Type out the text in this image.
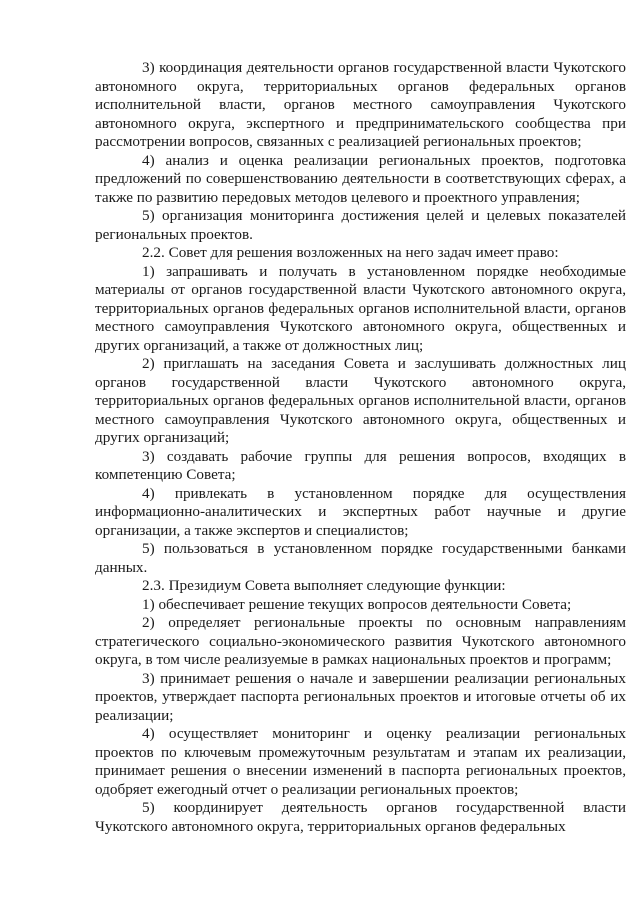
3) координация деятельности органов государственной власти Чукотского автономного округа, территориальных органов федеральных органов исполнительной власти, органов местного самоуправления Чукотского автономного округа, экспертного и предпринимательского сообщества при рассмотрении вопросов, связанных с реализацией региональных проектов;

4) анализ и оценка реализации региональных проектов, подготовка предложений по совершенствованию деятельности в соответствующих сферах, а также по развитию передовых методов целевого и проектного управления;

5) организация мониторинга достижения целей и целевых показателей региональных проектов.

2.2. Совет для решения возложенных на него задач имеет право:

1) запрашивать и получать в установленном порядке необходимые материалы от органов государственной власти Чукотского автономного округа, территориальных органов федеральных органов исполнительной власти, органов местного самоуправления Чукотского автономного округа, общественных и других организаций, а также от должностных лиц;

2) приглашать на заседания Совета и заслушивать должностных лиц органов государственной власти Чукотского автономного округа, территориальных органов федеральных органов исполнительной власти, органов местного самоуправления Чукотского автономного округа, общественных и других организаций;

3) создавать рабочие группы для решения вопросов, входящих в компетенцию Совета;

4) привлекать в установленном порядке для осуществления информационно-аналитических и экспертных работ научные и другие организации, а также экспертов и специалистов;

5) пользоваться в установленном порядке государственными банками данных.

2.3. Президиум Совета выполняет следующие функции:

1) обеспечивает решение текущих вопросов деятельности Совета;

2) определяет региональные проекты по основным направлениям стратегического социально-экономического развития Чукотского автономного округа, в том числе реализуемые в рамках национальных проектов и программ;

3) принимает решения о начале и завершении реализации региональных проектов, утверждает паспорта региональных проектов и итоговые отчеты об их реализации;

4) осуществляет мониторинг и оценку реализации региональных проектов по ключевым промежуточным результатам и этапам их реализации, принимает решения о внесении изменений в паспорта региональных проектов, одобряет ежегодный отчет о реализации региональных проектов;

5) координирует деятельность органов государственной власти Чукотского автономного округа, территориальных органов федеральных
